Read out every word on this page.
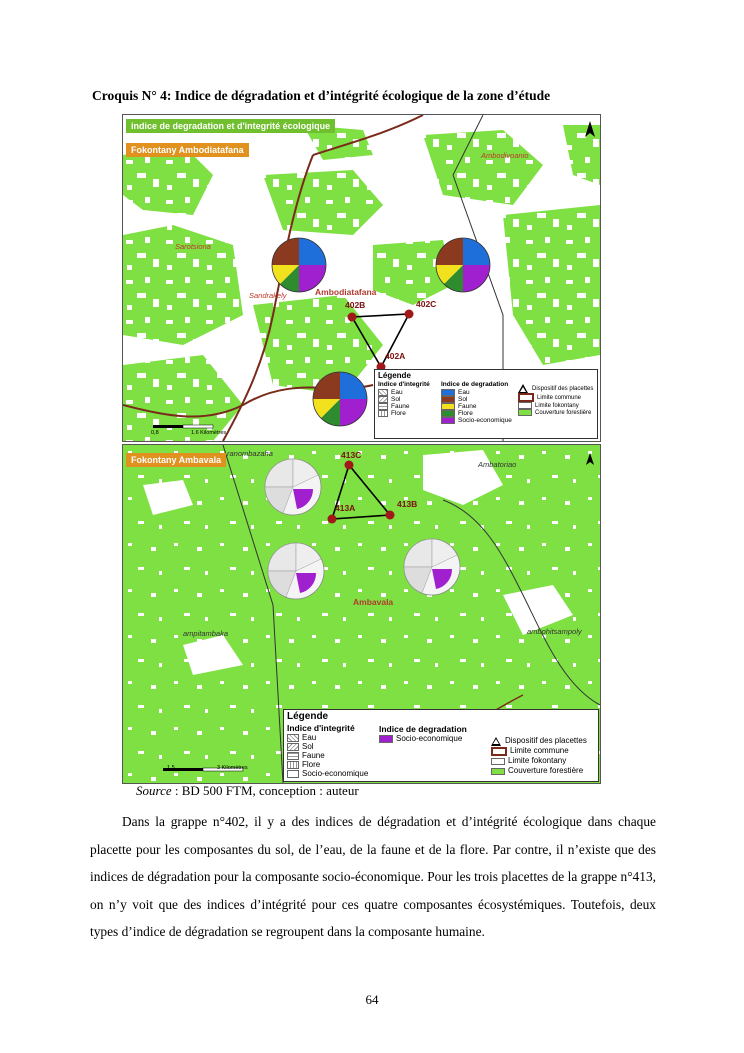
Croquis N° 4: Indice de dégradation et d’intégrité écologique de la zone d’étude
indice de degradation et d'integrité écologique
Fokontany Ambodiatafana
Ambodivoanio
Sarotsiona
Sandrakely	Ambodiatafana
402B	402C
402A
0,8	1.6 Kilomètres
Légende
Indice d'integrité
Eau
Sol
Faune
Flore
Indice de degradation
Eau
Sol
Faune
Flore
Socio-economique
Dispositif des placettes
Limite commune
Limite fokontany
Couverture forestière
Fokontany Ambavala
ranombazaha
Ambatoriao
Ambavala
ampitambaka	ambohitsampoly
413C
413B
413A
1,5	3 Kilomètres
Légende
Indice d'integrité
Eau
Sol
Faune
Flore
Socio-economique
Indice de degradation
Socio-economique	Dispositif des placettes
Limite commune
Limite fokontany
Couverture forestière
Source : BD 500 FTM, conception : auteur
Dans la grappe n°402, il y a des indices de dégradation et d’intégrité écologique dans chaque placette pour les composantes du sol, de l’eau, de la faune et de la flore. Par contre, il n’existe que des indices de dégradation pour la composante socio-économique. Pour les trois placettes de la grappe n°413, on n’y voit que des indices d’intégrité pour ces quatre composantes écosystémiques. Toutefois, deux types d’indice de dégradation se regroupent dans la composante humaine.
64
